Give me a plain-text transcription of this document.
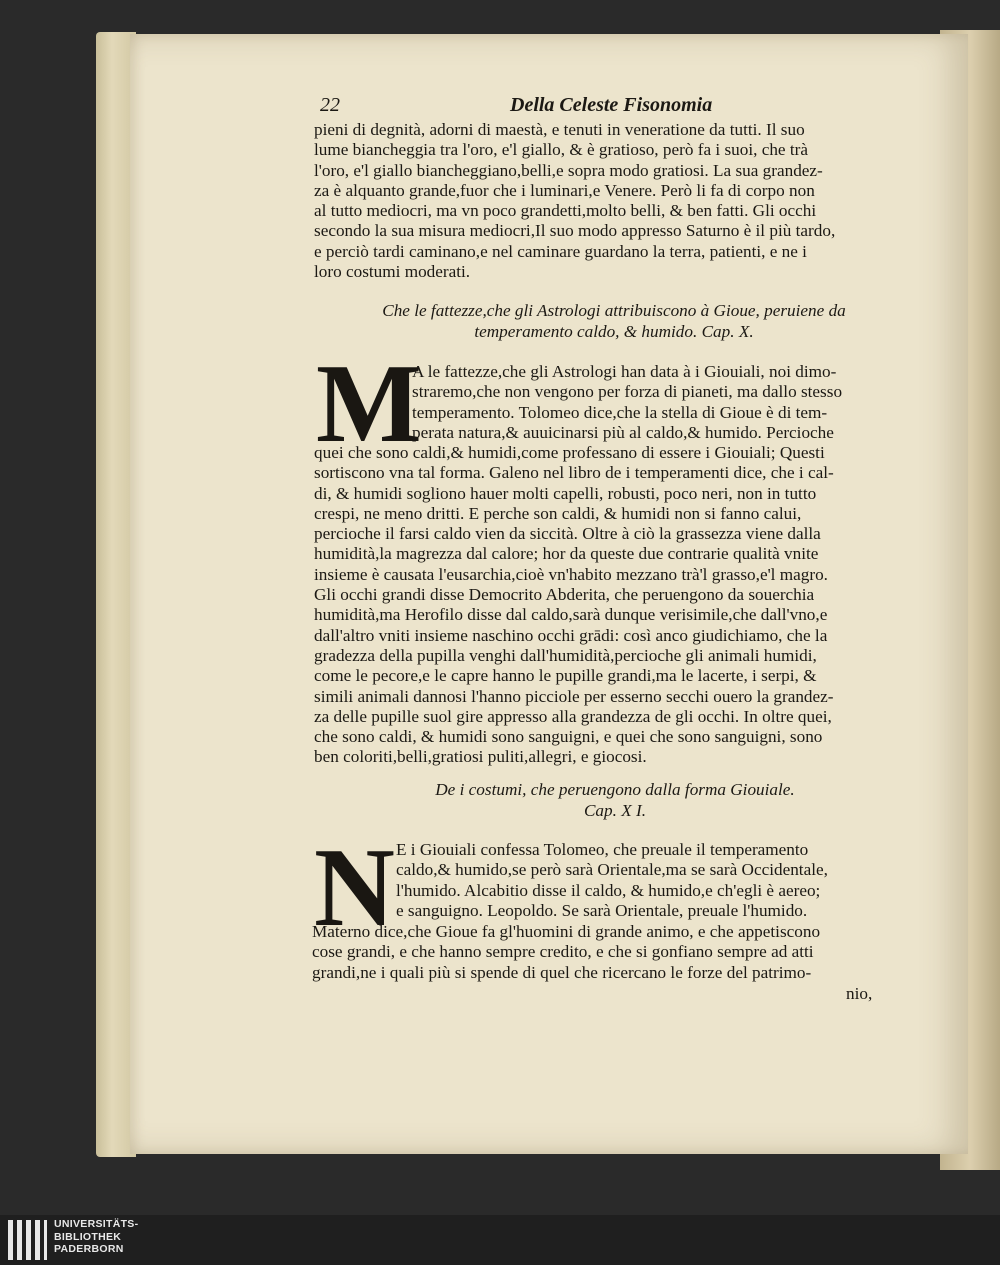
22	Della Celeste Fisonomia
pieni di degnità, adorni di maestà, e tenuti in veneratione da tutti. Il suo
lume biancheggia tra l'oro, e'l giallo, & è gratioso, però fa i suoi, che trà
l'oro, e'l giallo biancheggiano,belli,e sopra modo gratiosi. La sua grandez-
za è alquanto grande,fuor che i luminari,e Venere. Però li fa di corpo non
al tutto mediocri, ma vn poco grandetti,molto belli, & ben fatti. Gli occhi
secondo la sua misura mediocri,Il suo modo appresso Saturno è il più tardo,
e perciò tardi caminano,e nel caminare guardano la terra, patienti, e ne i
loro costumi moderati.
Che le fattezze,che gli Astrologi attribuiscono à Gioue, peruiene da
temperamento caldo, & humido. Cap. X.
M
A le fattezze,che gli Astrologi han data à i Giouiali, noi dimo-
straremo,che non vengono per forza di pianeti, ma dallo stesso
temperamento. Tolomeo dice,che la stella di Gioue è di tem-
perata natura,& auuicinarsi più al caldo,& humido. Percioche
quei che sono caldi,& humidi,come professano di essere i Giouiali; Questi
sortiscono vna tal forma. Galeno nel libro de i temperamenti dice, che i cal-
di, & humidi sogliono hauer molti capelli, robusti, poco neri, non in tutto
crespi, ne meno dritti. E perche son caldi, & humidi non si fanno calui,
percioche il farsi caldo vien da siccità. Oltre à ciò la grassezza viene dalla
humidità,la magrezza dal calore; hor da queste due contrarie qualità vnite
insieme è causata l'eusarchia,cioè vn'habito mezzano trà'l grasso,e'l magro.
Gli occhi grandi disse Democrito Abderita, che peruengono da souerchia
humidità,ma Herofilo disse dal caldo,sarà dunque verisimile,che dall'vno,e
dall'altro vniti insieme naschino occhi grādi: così anco giudichiamo, che la
gradezza della pupilla venghi dall'humidità,percioche gli animali humidi,
come le pecore,e le capre hanno le pupille grandi,ma le lacerte, i serpi, &
simili animali dannosi l'hanno picciole per esserno secchi ouero la grandez-
za delle pupille suol gire appresso alla grandezza de gli occhi. In oltre quei,
che sono caldi, & humidi sono sanguigni, e quei che sono sanguigni, sono
ben coloriti,belli,gratiosi puliti,allegri, e giocosi.
De i costumi, che peruengono dalla forma Giouiale.
Cap. X I.
N E i Giouiali confessa Tolomeo, che preuale il temperamento
caldo,& humido,se però sarà Orientale,ma se sarà Occidentale,
l'humido. Alcabitio disse il caldo, & humido,e ch'egli è aereo;
e sanguigno. Leopoldo. Se sarà Orientale, preuale l'humido.
Materno dice,che Gioue fa gl'huomini di grande animo, e che appetiscono
cose grandi, e che hanno sempre credito, e che si gonfiano sempre ad atti
grandi,ne i quali più si spende di quel che ricercano le forze del patrimo-
nio,
UNIVERSITÄTS-
BIBLIOTHEK
PADERBORN
